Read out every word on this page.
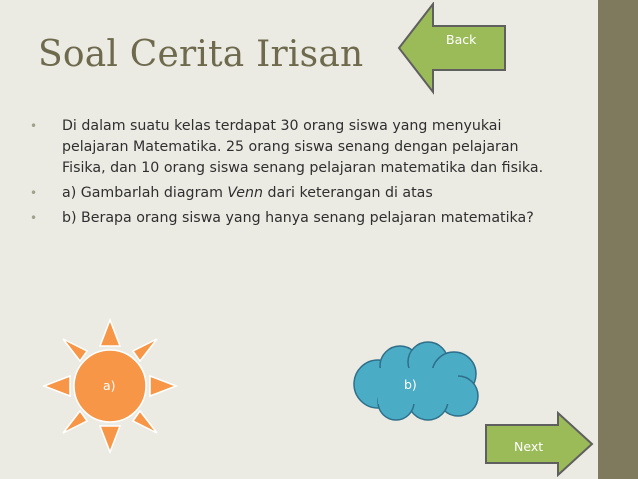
Soal Cerita Irisan	Back
• Di dalam suatu kelas terdapat 30 orang siswa yang menyukai pelajaran Matematika. 25 orang siswa senang dengan pelajaran Fisika, dan 10 orang siswa senang pelajaran matematika dan fisika.
• a) Gambarlah diagram Venn dari keterangan di atas
• b) Berapa orang siswa yang hanya senang pelajaran matematika?
a)	b)
Next
